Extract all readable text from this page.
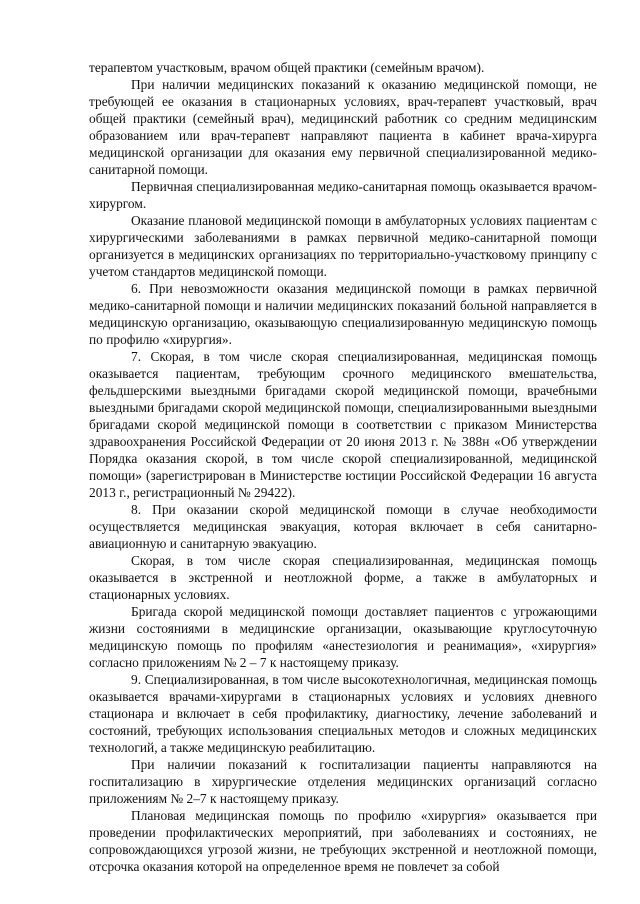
терапевтом участковым, врачом общей практики (семейным врачом).

При наличии медицинских показаний к оказанию медицинской помощи, не требующей ее оказания в стационарных условиях, врач-терапевт участковый, врач общей практики (семейный врач), медицинский работник со средним медицинским образованием или врач-терапевт направляют пациента в кабинет врача-хирурга медицинской организации для оказания ему первичной специализированной медико-санитарной помощи.

Первичная специализированная медико-санитарная помощь оказывается врачом-хирургом.

Оказание плановой медицинской помощи в амбулаторных условиях пациентам с хирургическими заболеваниями в рамках первичной медико-санитарной помощи организуется в медицинских организациях по территориально-участковому принципу с учетом стандартов медицинской помощи.

6. При невозможности оказания медицинской помощи в рамках первичной медико-санитарной помощи и наличии медицинских показаний больной направляется в медицинскую организацию, оказывающую специализированную медицинскую помощь по профилю «хирургия».

7. Скорая, в том числе скорая специализированная, медицинская помощь оказывается пациентам, требующим срочного медицинского вмешательства, фельдшерскими выездными бригадами скорой медицинской помощи, врачебными выездными бригадами скорой медицинской помощи, специализированными выездными бригадами скорой медицинской помощи в соответствии с приказом Министерства здравоохранения Российской Федерации от 20 июня 2013 г. № 388н «Об утверждении Порядка оказания скорой, в том числе скорой специализированной, медицинской помощи» (зарегистрирован в Министерстве юстиции Российской Федерации 16 августа 2013 г., регистрационный № 29422).

8. При оказании скорой медицинской помощи в случае необходимости осуществляется медицинская эвакуация, которая включает в себя санитарно-авиационную и санитарную эвакуацию.

Скорая, в том числе скорая специализированная, медицинская помощь оказывается в экстренной и неотложной форме, а также в амбулаторных и стационарных условиях.

Бригада скорой медицинской помощи доставляет пациентов с угрожающими жизни состояниями в медицинские организации, оказывающие круглосуточную медицинскую помощь по профилям «анестезиология и реанимация», «хирургия» согласно приложениям № 2 – 7 к настоящему приказу.

9. Специализированная, в том числе высокотехнологичная, медицинская помощь оказывается врачами-хирургами в стационарных условиях и условиях дневного стационара и включает в себя профилактику, диагностику, лечение заболеваний и состояний, требующих использования специальных методов и сложных медицинских технологий, а также медицинскую реабилитацию.

При наличии показаний к госпитализации пациенты направляются на госпитализацию в хирургические отделения медицинских организаций согласно приложениям № 2–7 к настоящему приказу.

Плановая медицинская помощь по профилю «хирургия» оказывается при проведении профилактических мероприятий, при заболеваниях и состояниях, не сопровождающихся угрозой жизни, не требующих экстренной и неотложной помощи, отсрочка оказания которой на определенное время не повлечет за собой
